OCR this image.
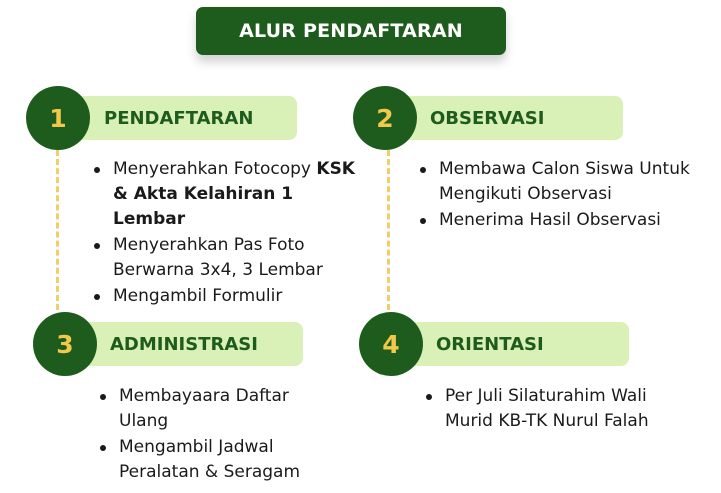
ALUR PENDAFTARAN
PENDAFTARAN
1
Menyerahkan Fotocopy KSK & Akta Kelahiran 1 Lembar
Menyerahkan Pas Foto Berwarna 3x4, 3 Lembar
Mengambil Formulir
OBSERVASI
2
Membawa Calon Siswa Untuk Mengikuti Observasi
Menerima Hasil Observasi
ADMINISTRASI
3
Membayaara Daftar Ulang
Mengambil Jadwal Peralatan & Seragam
ORIENTASI
4
Per Juli Silaturahim Wali Murid KB-TK Nurul Falah
